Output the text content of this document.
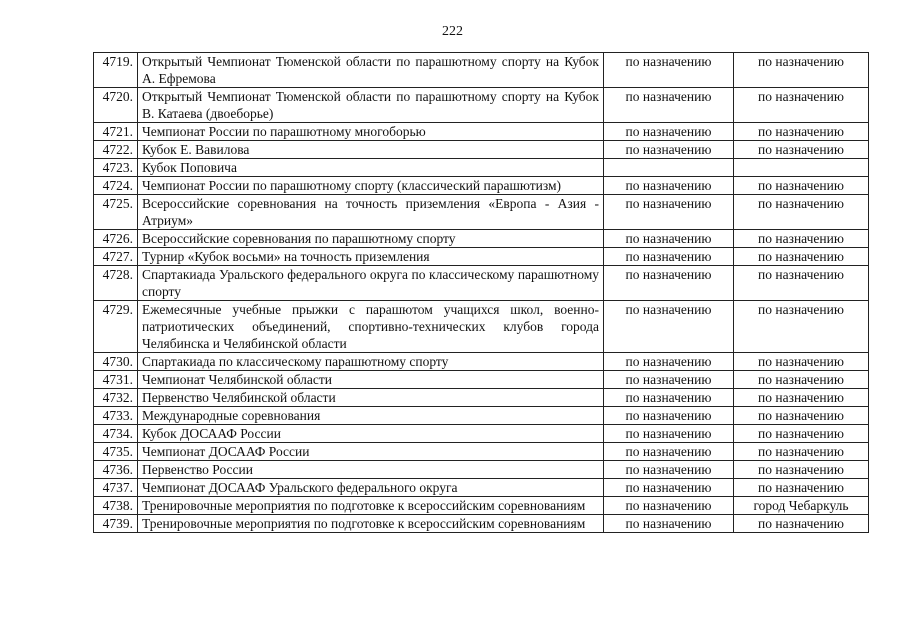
222
4719.	Открытый Чемпионат Тюменской области по парашютному спорту на Кубок А. Ефремова	по назначению	по назначению
4720.	Открытый Чемпионат Тюменской области по парашютному спорту на Кубок В. Катаева (двоеборье)	по назначению	по назначению
4721.	Чемпионат России по парашютному многоборью	по назначению	по назначению
4722.	Кубок Е. Вавилова	по назначению	по назначению
4723.	Кубок Поповича		
4724.	Чемпионат России по парашютному спорту (классический парашютизм)	по назначению	по назначению
4725.	Всероссийские соревнования на точность приземления «Европа - Азия - Атриум»	по назначению	по назначению
4726.	Всероссийские соревнования по парашютному спорту	по назначению	по назначению
4727.	Турнир «Кубок восьми» на точность приземления	по назначению	по назначению
4728.	Спартакиада Уральского федерального округа по классическому парашютному спорту	по назначению	по назначению
4729.	Ежемесячные учебные прыжки с парашютом учащихся школ, военно-патриотических объединений, спортивно-технических клубов города Челябинска и Челябинской области	по назначению	по назначению
4730.	Спартакиада по классическому парашютному спорту	по назначению	по назначению
4731.	Чемпионат Челябинской области	по назначению	по назначению
4732.	Первенство Челябинской области	по назначению	по назначению
4733.	Международные соревнования	по назначению	по назначению
4734.	Кубок ДОСААФ России	по назначению	по назначению
4735.	Чемпионат ДОСААФ России	по назначению	по назначению
4736.	Первенство России	по назначению	по назначению
4737.	Чемпионат ДОСААФ Уральского федерального округа	по назначению	по назначению
4738.	Тренировочные мероприятия по подготовке к всероссийским соревнованиям	по назначению	город Чебаркуль
4739.	Тренировочные мероприятия по подготовке к всероссийским соревнованиям	по назначению	по назначению
